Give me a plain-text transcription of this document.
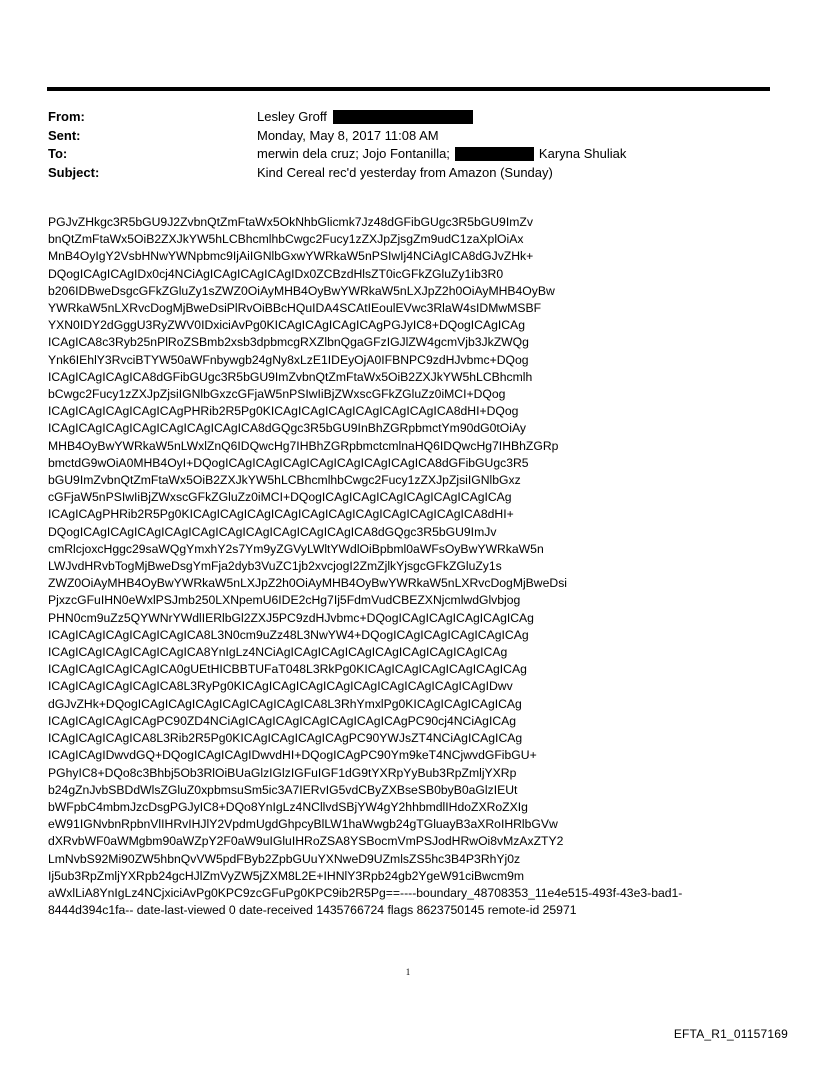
From:	Lesley Groff
Sent:	Monday, May 8, 2017 11:08 AM
To:	merwin dela cruz; Jojo Fontanilla;	Karyna Shuliak
Subject:	Kind Cereal rec'd yesterday from Amazon (Sunday)
PGJvZHkgc3R5bGU9J2ZvbnQtZmFtaWx5OkNhbGlicmk7Jz48dGFibGUgc3R5bGU9ImZv
bnQtZmFtaWx5OiB2ZXJkYW5hLCBhcmlhbCwgc2Fucy1zZXJpZjsgZm9udC1zaXplOiAx
MnB4OyIgY2VsbHNwYWNpbmc9IjAiIGNlbGxwYWRkaW5nPSIwIj4NCiAgICA8dGJvZHk+
DQogICAgICAgIDx0cj4NCiAgICAgICAgICAgIDx0ZCBzdHlsZT0icGFkZGluZy1ib3R0
b206IDBweDsgcGFkZGluZy1sZWZ0OiAyMHB4OyBwYWRkaW5nLXJpZ2h0OiAyMHB4OyBw
YWRkaW5nLXRvcDogMjBweDsiPlRvOiBBcHQuIDA4SCAtIEoulEVwc3RlaW4sIDMwMSBF
YXN0IDY2dGggU3RyZWV0IDxiciAvPg0KICAgICAgICAgICAgPGJyIC8+DQogICAgICAg
ICAgICA8c3Ryb25nPlRoZSBmb2xsb3dpbmcgRXZlbnQgaGFzIGJlZW4gcmVjb3JkZWQg
Ynk6IEhlY3RvciBTYW50aWFnbywgb24gNy8xLzE1IDEyOjA0IFBNPC9zdHJvbmc+DQog
ICAgICAgICAgICA8dGFibGUgc3R5bGU9ImZvbnQtZmFtaWx5OiB2ZXJkYW5hLCBhcmlh
bCwgc2Fucy1zZXJpZjsiIGNlbGxzcGFjaW5nPSIwIiBjZWxscGFkZGluZz0iMCI+DQog
ICAgICAgICAgICAgICAgPHRib2R5Pg0KICAgICAgICAgICAgICAgICAgICA8dHI+DQog
ICAgICAgICAgICAgICAgICAgICAgICA8dGQgc3R5bGU9InBhZGRpbmctYm90dG0tOiAy
MHB4OyBwYWRkaW5nLWxlZnQ6IDQwcHg7IHBhZGRpbmctcmlnaHQ6IDQwcHg7IHBhZGRp
bmctdG9wOiA0MHB4OyI+DQogICAgICAgICAgICAgICAgICAgICAgICA8dGFibGUgc3R5
bGU9ImZvbnQtZmFtaWx5OiB2ZXJkYW5hLCBhcmlhbCwgc2Fucy1zZXJpZjsiIGNlbGxz
cGFjaW5nPSIwIiBjZWxscGFkZGluZz0iMCI+DQogICAgICAgICAgICAgICAgICAgICAg
ICAgICAgPHRib2R5Pg0KICAgICAgICAgICAgICAgICAgICAgICAgICAgICAgICA8dHI+
DQogICAgICAgICAgICAgICAgICAgICAgICAgICAgICAgICA8dGQgc3R5bGU9ImJv
cmRlcjoxcHggc29saWQgYmxhY2s7Ym9yZGVyLWltYWdlOiBpbml0aWFsOyBwYWRkaW5n
LWJvdHRvbTogMjBweDsgYmFja2dyb3VuZC1jb2xvcjogI2ZmZjlkYjsgcGFkZGluZy1s
ZWZ0OiAyMHB4OyBwYWRkaW5nLXJpZ2h0OiAyMHB4OyBwYWRkaW5nLXRvcDogMjBweDsi
PjxzcGFuIHN0eWxlPSJmb250LXNpemU6IDE2cHg7Ij5FdmVudCBEZXNjcmlwdGlvbjog
PHN0cm9uZz5QYWNrYWdlIERlbGl2ZXJ5PC9zdHJvbmc+DQogICAgICAgICAgICAgICAg
ICAgICAgICAgICAgICAgICA8L3N0cm9uZz48L3NwYW4+DQogICAgICAgICAgICAgICAg
ICAgICAgICAgICAgICAgICA8YnIgLz4NCiAgICAgICAgICAgICAgICAgICAgICAgICAg
ICAgICAgICAgICAgICA0gUEtHICBBTUFaT048L3RkPg0KICAgICAgICAgICAgICAgICAg
ICAgICAgICAgICAgICA8L3RyPg0KICAgICAgICAgICAgICAgICAgICAgICAgICAgIDwv
dGJvZHk+DQogICAgICAgICAgICAgICAgICAgICA8L3RhYmxlPg0KICAgICAgICAgICAg
ICAgICAgICAgICAgPC90ZD4NCiAgICAgICAgICAgICAgICAgICAgPC90cj4NCiAgICAg
ICAgICAgICAgICA8L3Rib2R5Pg0KICAgICAgICAgICAgPC90YWJsZT4NCiAgICAgICAg
ICAgICAgIDwvdGQ+DQogICAgICAgIDwvdHI+DQogICAgPC90Ym9keT4NCjwvdGFibGU+
PGhyIC8+DQo8c3Bhbj5Ob3RlOiBUaGlzIGlzIGFuIGF1dG9tYXRpYyBub3RpZmljYXRp
b24gZnJvbSBDdWlsZGluZ0xpbmsuSm5ic3A7IERvIG5vdCByZXBseSB0byB0aGlzIEUt
bWFpbC4mbmJzcDsgPGJyIC8+DQo8YnIgLz4NCllvdSBjYW4gY2hhbmdlIHdoZXRoZXIg
eW91IGNvbnRpbnVlIHRvIHJlY2VpdmUgdGhpcyBlLW1haWwgb24gTGluayB3aXRoIHRlbGVw
dXRvbWF0aWMgbm90aWZpY2F0aW9uIGluIHRoZSA8YSBocmVmPSJodHRwOi8vMzAxZTY2
LmNvbS92Mi90ZW5hbnQvVW5pdFByb2ZpbGUuYXNweD9UZmlsZS5hc3B4P3RhYj0z
Ij5ub3RpZmljYXRpb24gcHJlZmVyZW5jZXM8L2E+IHNlY3Rpb24gb2YgeW91ciBwcm9m
aWxlLiA8YnIgLz4NCjxiciAvPg0KPC9zcGFuPg0KPC9ib2R5Pg==----boundary_48708353_11e4e515-493f-43e3-bad1-
8444d394c1fa-- date-last-viewed 0 date-received 1435766724 flags 8623750145 remote-id 25971
1
EFTA_R1_01157169
